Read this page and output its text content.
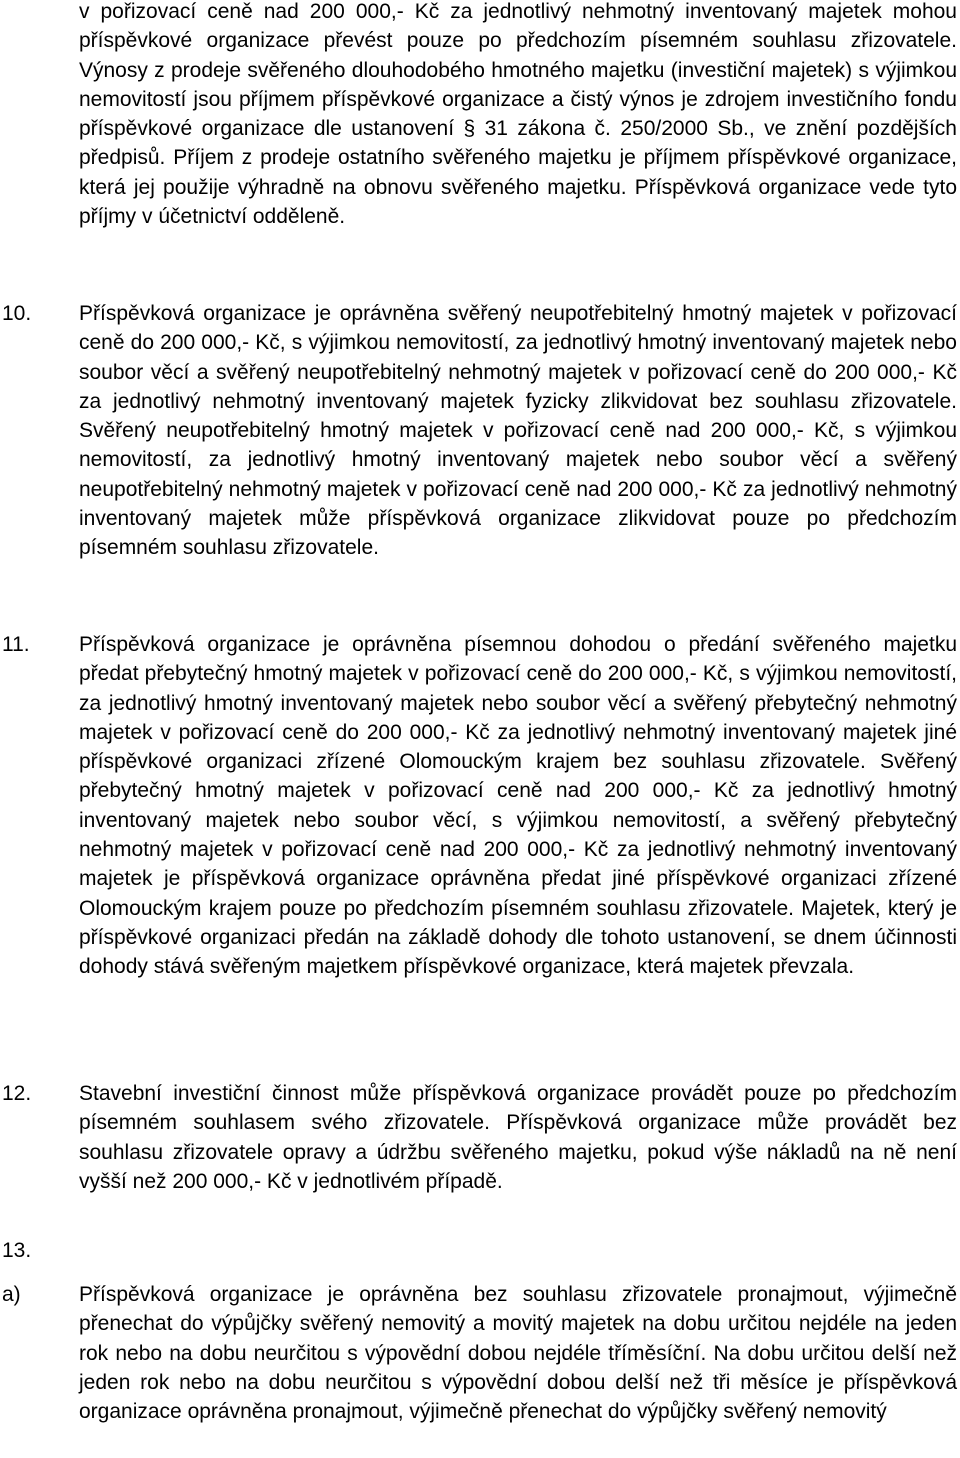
v pořizovací ceně nad 200 000,- Kč za jednotlivý nehmotný inventovaný majetek mohou příspěvkové organizace převést pouze po předchozím písemném souhlasu zřizovatele. Výnosy z prodeje svěřeného dlouhodobého hmotného majetku (investiční majetek) s výjimkou nemovitostí jsou příjmem příspěvkové organizace a čistý výnos je zdrojem investičního fondu příspěvkové organizace dle ustanovení § 31 zákona č. 250/2000 Sb., ve znění pozdějších předpisů. Příjem z prodeje ostatního svěřeného majetku je příjmem příspěvkové organizace, která jej použije výhradně na obnovu svěřeného majetku. Příspěvková organizace vede tyto příjmy v účetnictví odděleně.

10. Příspěvková organizace je oprávněna svěřený neupotřebitelný hmotný majetek v pořizovací ceně do 200 000,- Kč, s výjimkou nemovitostí, za jednotlivý hmotný inventovaný majetek nebo soubor věcí a svěřený neupotřebitelný nehmotný majetek v pořizovací ceně do 200 000,- Kč za jednotlivý nehmotný inventovaný majetek fyzicky zlikvidovat bez souhlasu zřizovatele. Svěřený neupotřebitelný hmotný majetek v pořizovací ceně nad 200 000,- Kč, s výjimkou nemovitostí, za jednotlivý hmotný inventovaný majetek nebo soubor věcí a svěřený neupotřebitelný nehmotný majetek v pořizovací ceně nad 200 000,- Kč za jednotlivý nehmotný inventovaný majetek může příspěvková organizace zlikvidovat pouze po předchozím písemném souhlasu zřizovatele.

11. Příspěvková organizace je oprávněna písemnou dohodou o předání svěřeného majetku předat přebytečný hmotný majetek v pořizovací ceně do 200 000,- Kč, s výjimkou nemovitostí, za jednotlivý hmotný inventovaný majetek nebo soubor věcí a svěřený přebytečný nehmotný majetek v pořizovací ceně do 200 000,- Kč za jednotlivý nehmotný inventovaný majetek jiné příspěvkové organizaci zřízené Olomouckým krajem bez souhlasu zřizovatele. Svěřený přebytečný hmotný majetek v pořizovací ceně nad 200 000,- Kč za jednotlivý hmotný inventovaný majetek nebo soubor věcí, s výjimkou nemovitostí, a svěřený přebytečný nehmotný majetek v pořizovací ceně nad 200 000,- Kč za jednotlivý nehmotný inventovaný majetek je příspěvková organizace oprávněna předat jiné příspěvkové organizaci zřízené Olomouckým krajem pouze po předchozím písemném souhlasu zřizovatele. Majetek, který je příspěvkové organizaci předán na základě dohody dle tohoto ustanovení, se dnem účinnosti dohody stává svěřeným majetkem příspěvkové organizace, která majetek převzala.

12. Stavební investiční činnost může příspěvková organizace provádět pouze po předchozím písemném souhlasem svého zřizovatele. Příspěvková organizace může provádět bez souhlasu zřizovatele opravy a údržbu svěřeného majetku, pokud výše nákladů na ně není vyšší než 200 000,- Kč v jednotlivém případě.

13.
a)	Příspěvková organizace je oprávněna bez souhlasu zřizovatele pronajmout, výjimečně přenechat do výpůjčky svěřený nemovitý a movitý majetek na dobu určitou nejdéle na jeden rok nebo na dobu neurčitou s výpovědní dobou nejdéle tříměsíční. Na dobu určitou delší než jeden rok nebo na dobu neurčitou s výpovědní dobou delší než tři měsíce je příspěvková organizace oprávněna pronajmout, výjimečně přenechat do výpůjčky svěřený nemovitý
